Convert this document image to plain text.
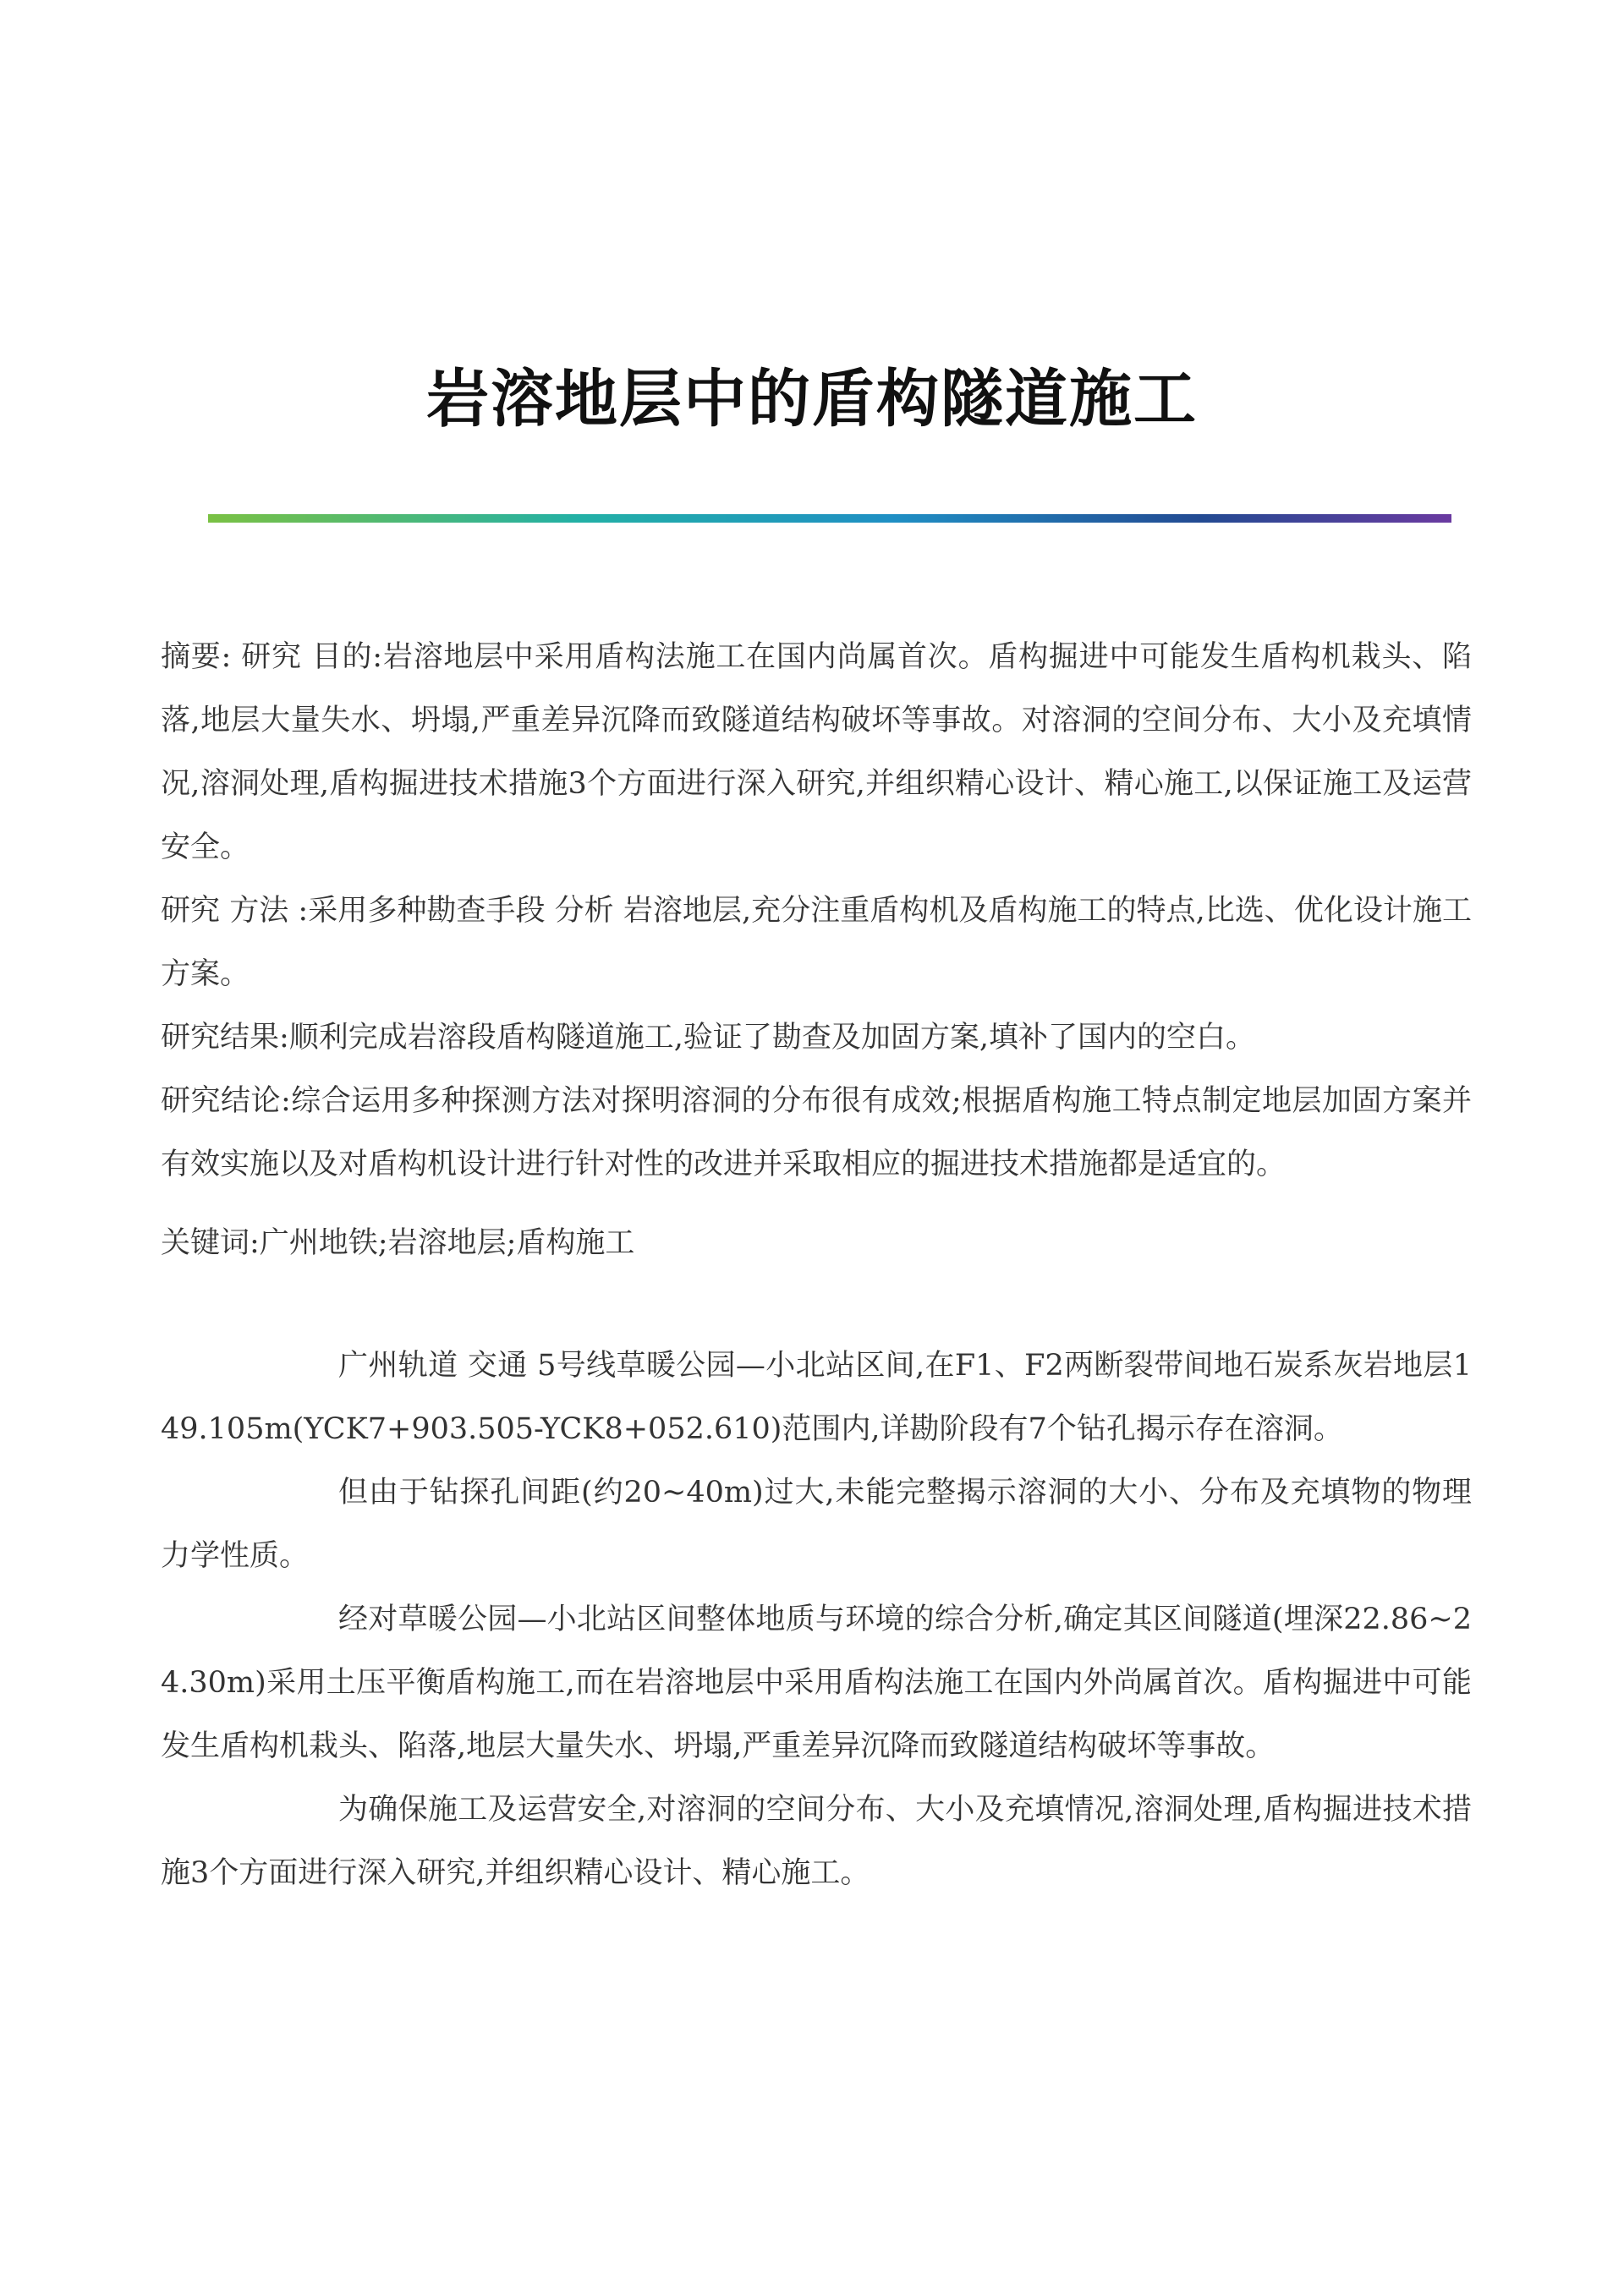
岩溶地层中的盾构隧道施工

摘要: 研究 目的:岩溶地层中采用盾构法施工在国内尚属首次。盾构掘进中可能发生盾构机栽头、陷落,地层大量失水、坍塌,严重差异沉降而致隧道结构破坏等事故。对溶洞的空间分布、大小及充填情况,溶洞处理,盾构掘进技术措施3个方面进行深入研究,并组织精心设计、精心施工,以保证施工及运营安全。

研究 方法 :采用多种勘查手段 分析 岩溶地层,充分注重盾构机及盾构施工的特点,比选、优化设计施工方案。

研究结果:顺利完成岩溶段盾构隧道施工,验证了勘查及加固方案,填补了国内的空白。

研究结论:综合运用多种探测方法对探明溶洞的分布很有成效;根据盾构施工特点制定地层加固方案并有效实施以及对盾构机设计进行针对性的改进并采取相应的掘进技术措施都是适宜的。

关键词:广州地铁;岩溶地层;盾构施工

广州轨道 交通 5号线草暖公园—小北站区间,在F1、F2两断裂带间地石炭系灰岩地层149.105m(YCK7+903.505-YCK8+052.610)范围内,详勘阶段有7个钻孔揭示存在溶洞。

但由于钻探孔间距(约20~40m)过大,未能完整揭示溶洞的大小、分布及充填物的物理力学性质。

经对草暖公园—小北站区间整体地质与环境的综合分析,确定其区间隧道(埋深22.86~24.30m)采用土压平衡盾构施工,而在岩溶地层中采用盾构法施工在国内外尚属首次。盾构掘进中可能发生盾构机栽头、陷落,地层大量失水、坍塌,严重差异沉降而致隧道结构破坏等事故。

为确保施工及运营安全,对溶洞的空间分布、大小及充填情况,溶洞处理,盾构掘进技术措施3个方面进行深入研究,并组织精心设计、精心施工。
